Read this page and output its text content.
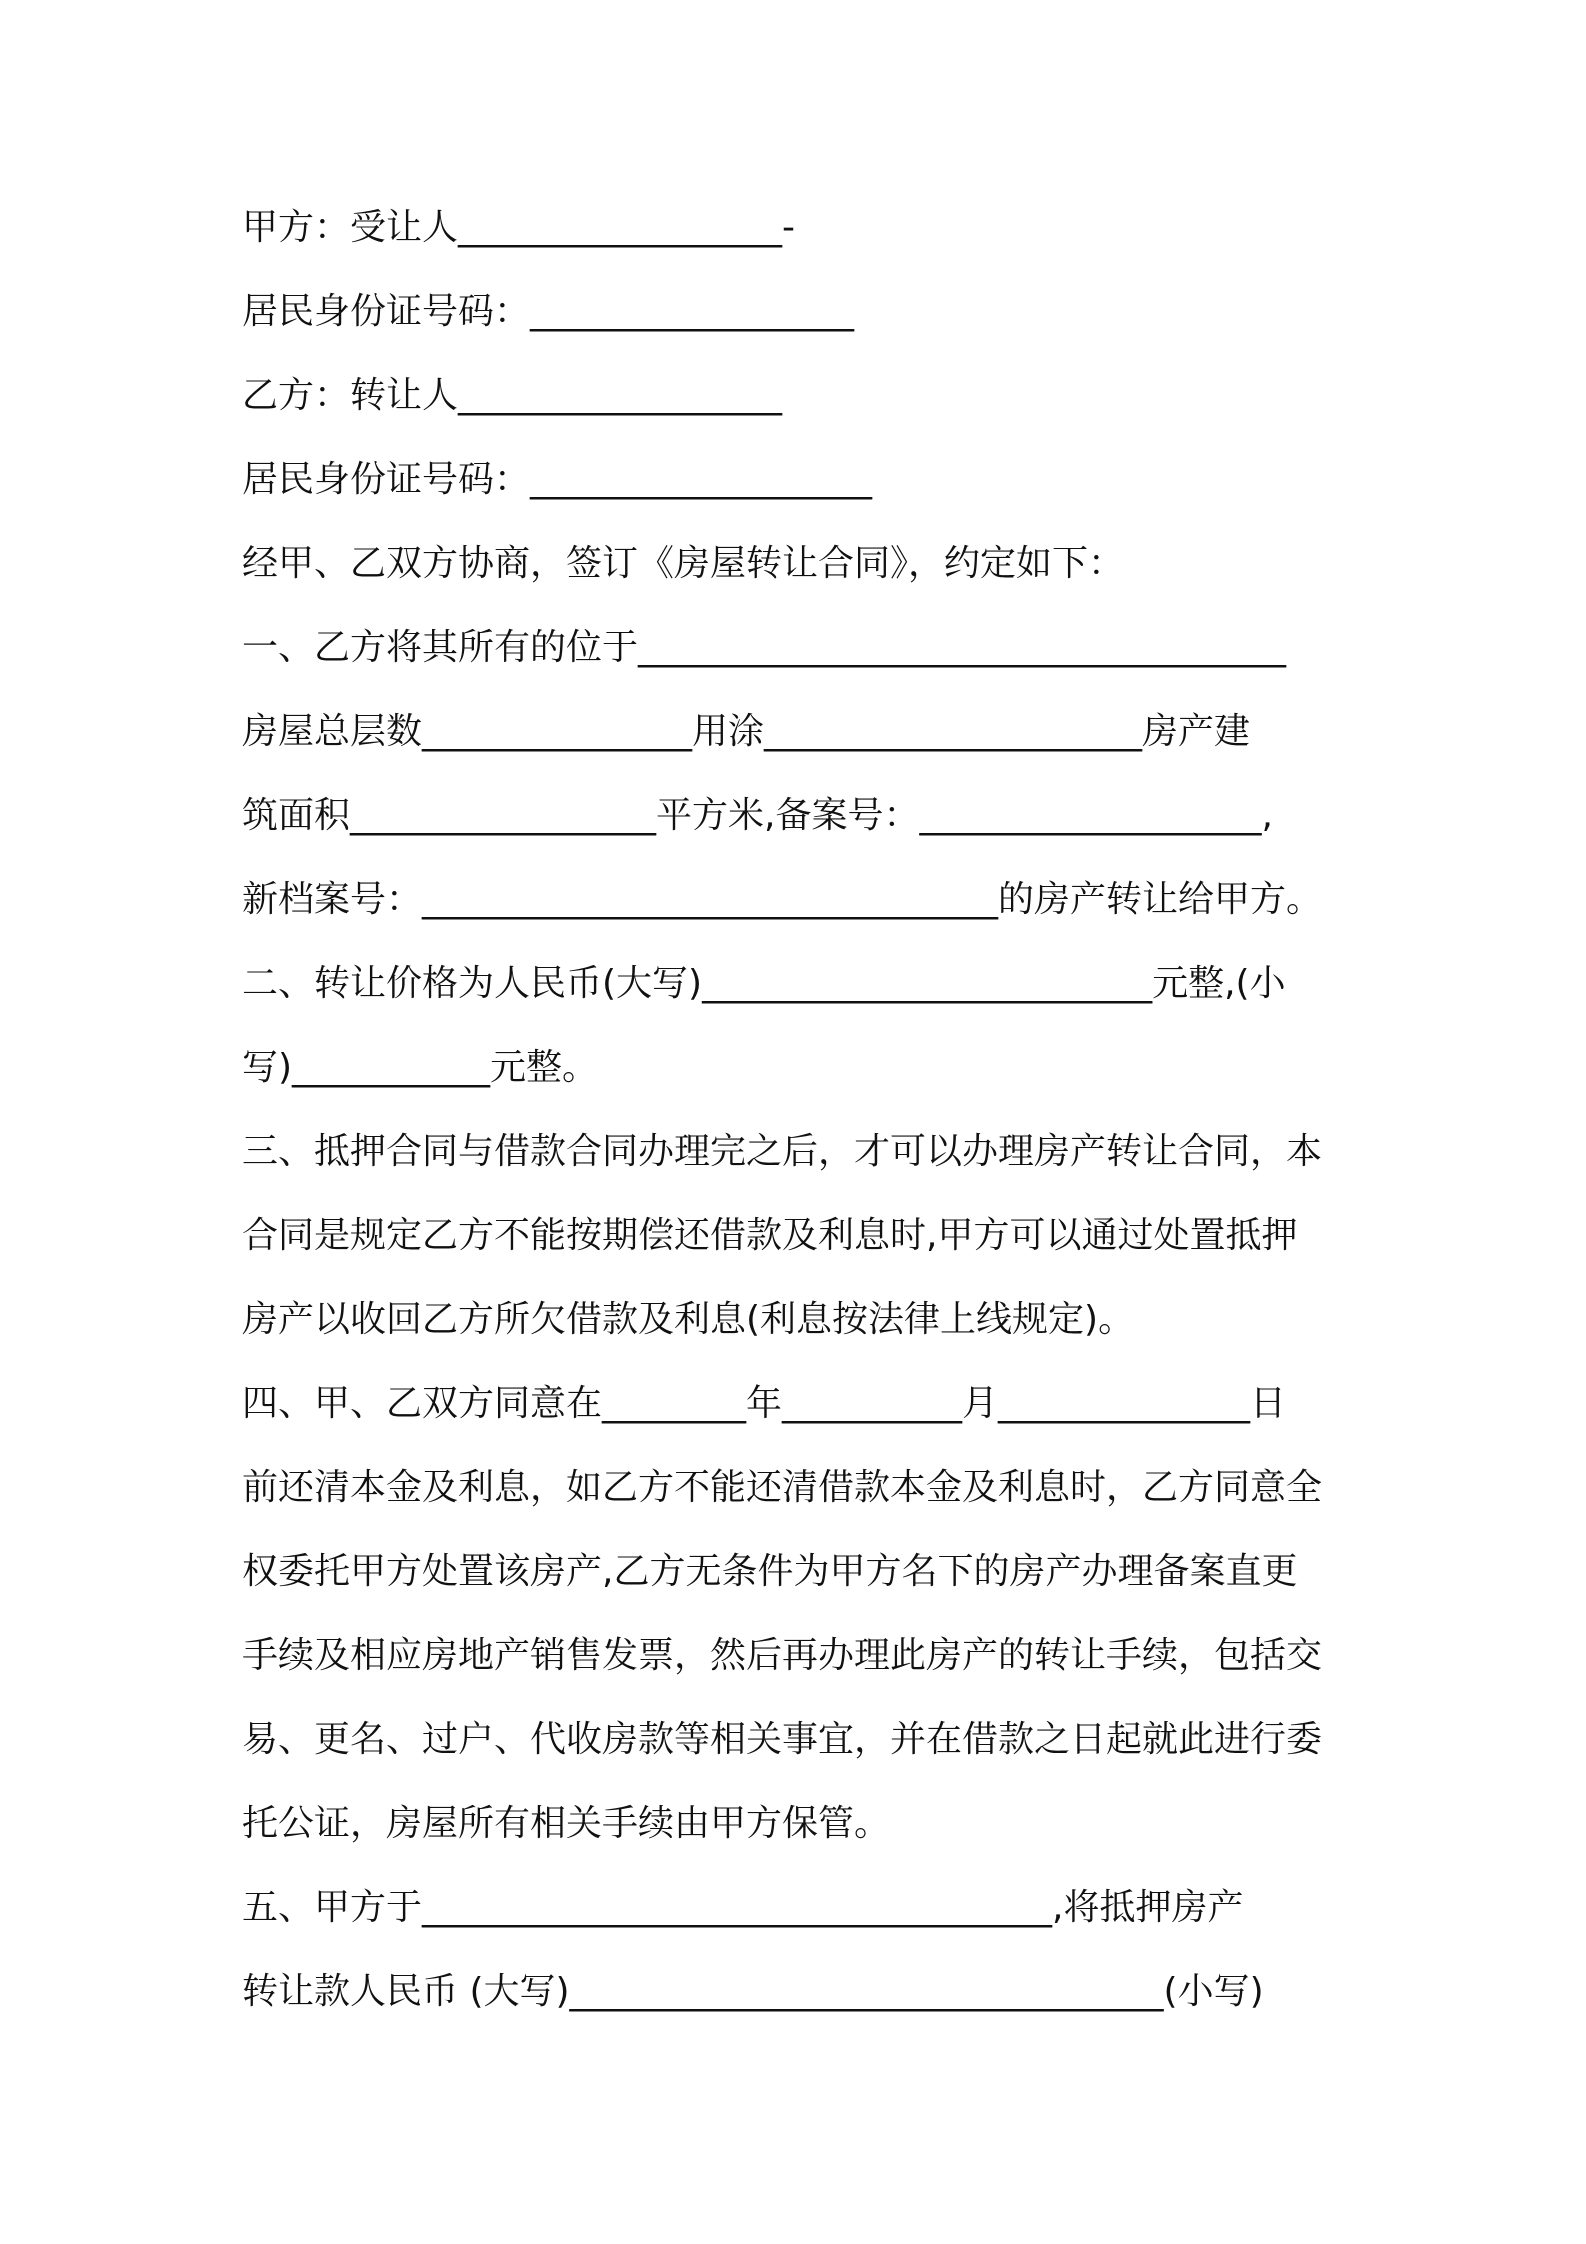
甲方：受让人__________________-
居民身份证号码：__________________
乙方：转让人__________________
居民身份证号码：___________________
经甲、乙双方协商，签订《房屋转让合同》，约定如下：
一、乙方将其所有的位于____________________________________
房屋总层数_______________用涂_____________________房产建
筑面积_________________平方米,备案号：___________________,
新档案号：________________________________的房产转让给甲方。
二、转让价格为人民币(大写)_________________________元整,(小
写)___________元整。
三、抵押合同与借款合同办理完之后，才可以办理房产转让合同，本
合同是规定乙方不能按期偿还借款及利息时,甲方可以通过处置抵押
房产以收回乙方所欠借款及利息(利息按法律上线规定)。
四、甲、乙双方同意在________年__________月______________日
前还清本金及利息，如乙方不能还清借款本金及利息时，乙方同意全
权委托甲方处置该房产,乙方无条件为甲方名下的房产办理备案直更
手续及相应房地产销售发票，然后再办理此房产的转让手续，包括交
易、更名、过户、代收房款等相关事宜，并在借款之日起就此进行委
托公证，房屋所有相关手续由甲方保管。
五、甲方于___________________________________,将抵押房产
转让款人民币 (大写)_________________________________(小写)
